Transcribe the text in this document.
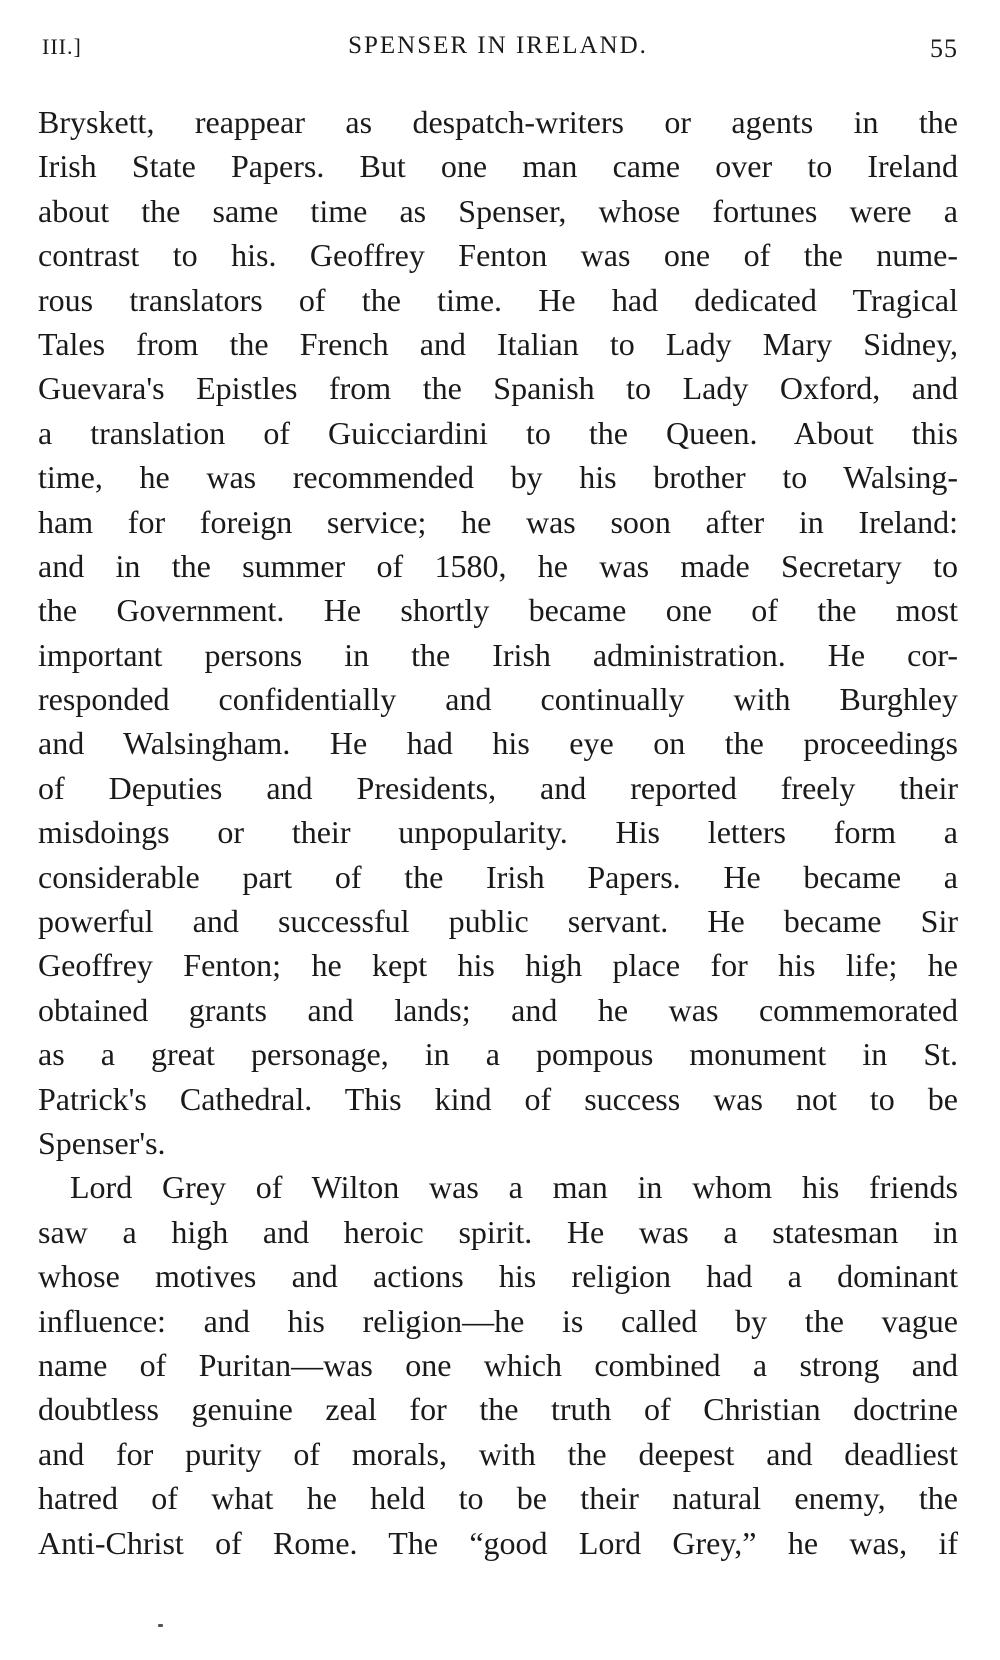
III.]	SPENSER IN IRELAND.	55
Bryskett, reappear as despatch-writers or agents in the
Irish State Papers. But one man came over to Ireland
about the same time as Spenser, whose fortunes were a
contrast to his. Geoffrey Fenton was one of the nume-
rous translators of the time. He had dedicated Tragical
Tales from the French and Italian to Lady Mary Sidney,
Guevara's Epistles from the Spanish to Lady Oxford, and
a translation of Guicciardini to the Queen. About this
time, he was recommended by his brother to Walsing-
ham for foreign service; he was soon after in Ireland:
and in the summer of 1580, he was made Secretary to
the Government. He shortly became one of the most
important persons in the Irish administration. He cor-
responded confidentially and continually with Burghley
and Walsingham. He had his eye on the proceedings
of Deputies and Presidents, and reported freely their
misdoings or their unpopularity. His letters form a
considerable part of the Irish Papers. He became a
powerful and successful public servant. He became Sir
Geoffrey Fenton; he kept his high place for his life; he
obtained grants and lands; and he was commemorated
as a great personage, in a pompous monument in St.
Patrick's Cathedral. This kind of success was not to be
Spenser's.
Lord Grey of Wilton was a man in whom his friends
saw a high and heroic spirit. He was a statesman in
whose motives and actions his religion had a dominant
influence: and his religion—he is called by the vague
name of Puritan—was one which combined a strong and
doubtless genuine zeal for the truth of Christian doctrine
and for purity of morals, with the deepest and deadliest
hatred of what he held to be their natural enemy, the
Anti-Christ of Rome. The “good Lord Grey,” he was, if
